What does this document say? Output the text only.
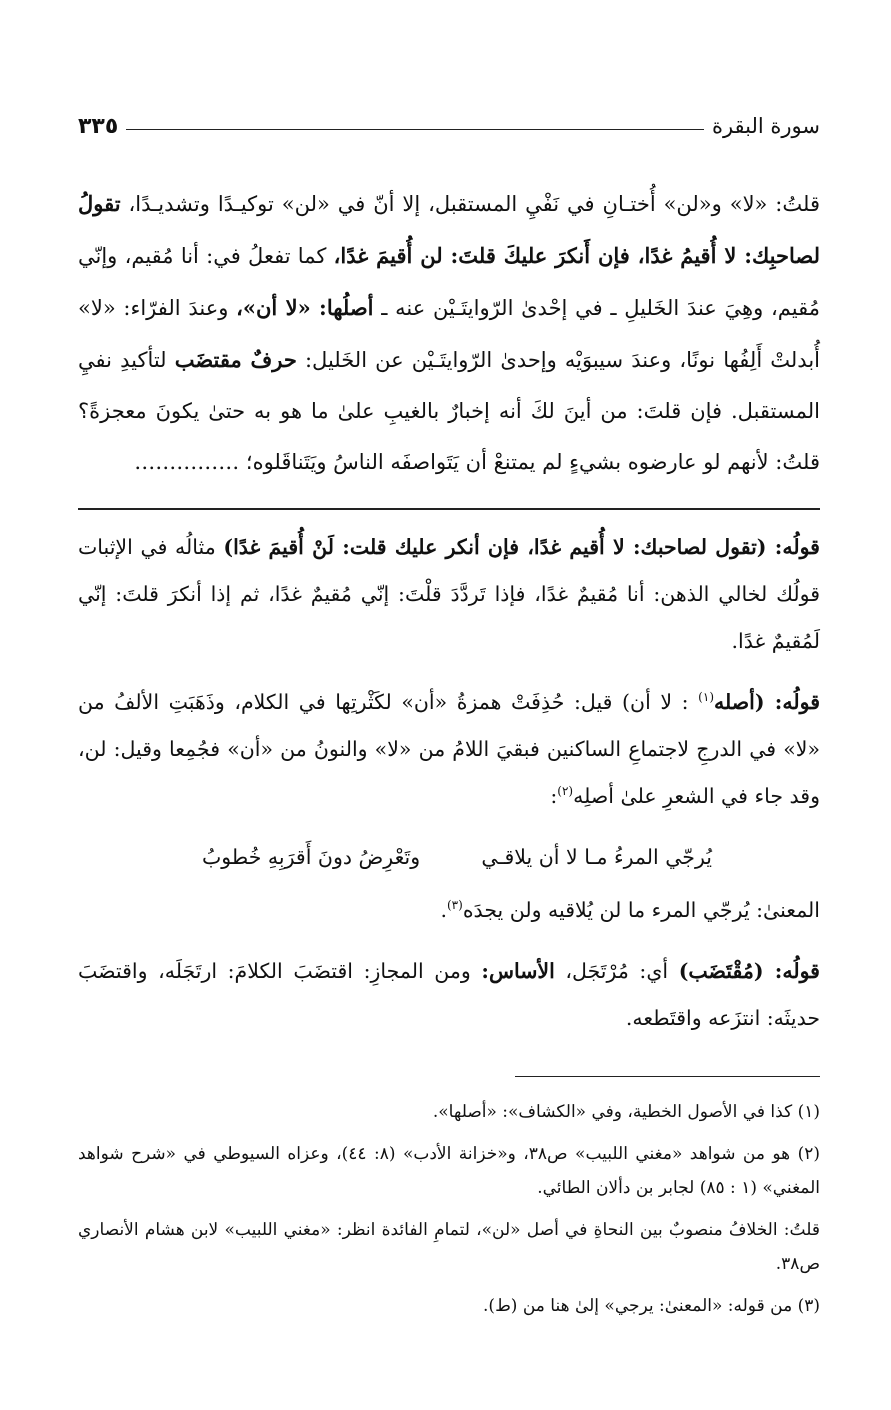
سورة البقرة
٣٣٥

قلتُ: «لا» و«لن» أُختـانِ في نَفْيِ المستقبل، إلا أنّ في «لن» توكيـدًا وتشديـدًا، تقولُ لصاحبِك: لا أُقيمُ غدًا، فإن أَنكرَ عليكَ قلتَ: لن أُقيمَ غدًا، كما تفعلُ في: أنا مُقيم، وإنّي مُقيم، وهِيَ عندَ الخَليلِ ـ في إحْدىٰ الرّوايتَـيْن عنه ـ أصلُها: «لا أن»، وعندَ الفرّاء: «لا» أُبدلتْ أَلِفُها نونًا، وعندَ سيبوَيْه وإحدىٰ الرّوايتَـيْن عن الخَليل: حرفٌ مقتضَب لتأكيدِ نفيِ المستقبل. فإن قلتَ: من أينَ لكَ أنه إخبارٌ بالغيبِ علىٰ ما هو به حتىٰ يكونَ معجزةً؟ قلتُ: لأنهم لو عارضوه بشيءٍ لم يمتنعْ أن يَتَواصفَه الناسُ ويَتَناقَلوه؛ ……………

قولُه: (تقول لصاحبك: لا أُقيم غدًا، فإن أنكر عليك قلت: لَنْ أُقيمَ غدًا) مثالُه في الإثبات قولُك لخالي الذهن: أنا مُقيمٌ غدًا، فإذا تَردَّدَ قلْتَ: إنّي مُقيمٌ غدًا، ثم إذا أنكرَ قلتَ: إنّي لَمُقيمٌ غدًا.

قولُه: (أصله$^{(١)}$ : لا أن) قيل: حُذِفَتْ همزةُ «أن» لكَثْرتِها في الكلام، وذَهَبَتِ الألفُ من «لا» في الدرجِ لاجتماعِ الساكنين فبقيَ اللامُ من «لا» والنونُ من «أن» فجُمِعا وقيل: لن، وقد جاء في الشعرِ علىٰ أصلِه$^{(٢)}$:

يُرجّي المرءُ مـا لا أن يلاقـي
وتَعْرِضُ دونَ أَقرَبِهِ خُطوبُ

المعنىٰ: يُرجّي المرء ما لن يُلاقيه ولن يجدَه$^{(٣)}$.

قولُه: (مُقْتَضَب) أي: مُرْتَجَل، الأساس: ومن المجازِ: اقتضَبَ الكلامَ: ارتَجَلَه، واقتضَبَ حديثَه: انتزَعه واقتَطعه.

(١) كذا في الأصول الخطية، وفي «الكشاف»: «أصلها».

(٢) هو من شواهد «مغني اللبيب» ص٣٨، و«خزانة الأدب» (٨: ٤٤)، وعزاه السيوطي في «شرح شواهد المغني» (١ : ٨٥) لجابر بن دألان الطائي.

قلتُ: الخلافُ منصوبٌ بين النحاةِ في أصل «لن»، لتمامِ الفائدة انظر: «مغني اللبيب» لابن هشام الأنصاري ص٣٨.

(٣) من قوله: «المعنىٰ: يرجي» إلىٰ هنا من (ط).
